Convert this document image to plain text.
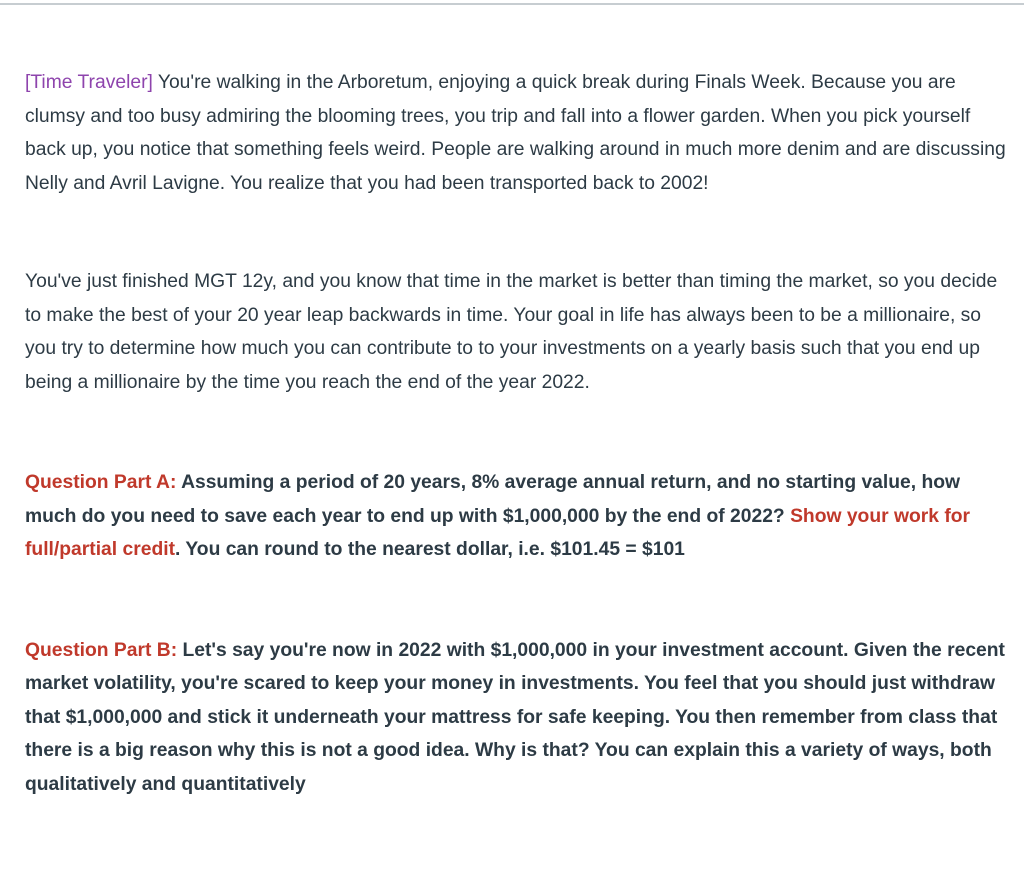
[Time Traveler] You're walking in the Arboretum, enjoying a quick break during Finals Week. Because you are clumsy and too busy admiring the blooming trees, you trip and fall into a flower garden. When you pick yourself back up, you notice that something feels weird. People are walking around in much more denim and are discussing Nelly and Avril Lavigne. You realize that you had been transported back to 2002!

You've just finished MGT 12y, and you know that time in the market is better than timing the market, so you decide to make the best of your 20 year leap backwards in time. Your goal in life has always been to be a millionaire, so you try to determine how much you can contribute to to your investments on a yearly basis such that you end up being a millionaire by the time you reach the end of the year 2022.

Question Part A: Assuming a period of 20 years, 8% average annual return, and no starting value, how much do you need to save each year to end up with $1,000,000 by the end of 2022? Show your work for full/partial credit. You can round to the nearest dollar, i.e. $101.45 = $101

Question Part B: Let's say you're now in 2022 with $1,000,000 in your investment account. Given the recent market volatility, you're scared to keep your money in investments. You feel that you should just withdraw that $1,000,000 and stick it underneath your mattress for safe keeping. You then remember from class that there is a big reason why this is not a good idea. Why is that? You can explain this a variety of ways, both qualitatively and quantitatively
